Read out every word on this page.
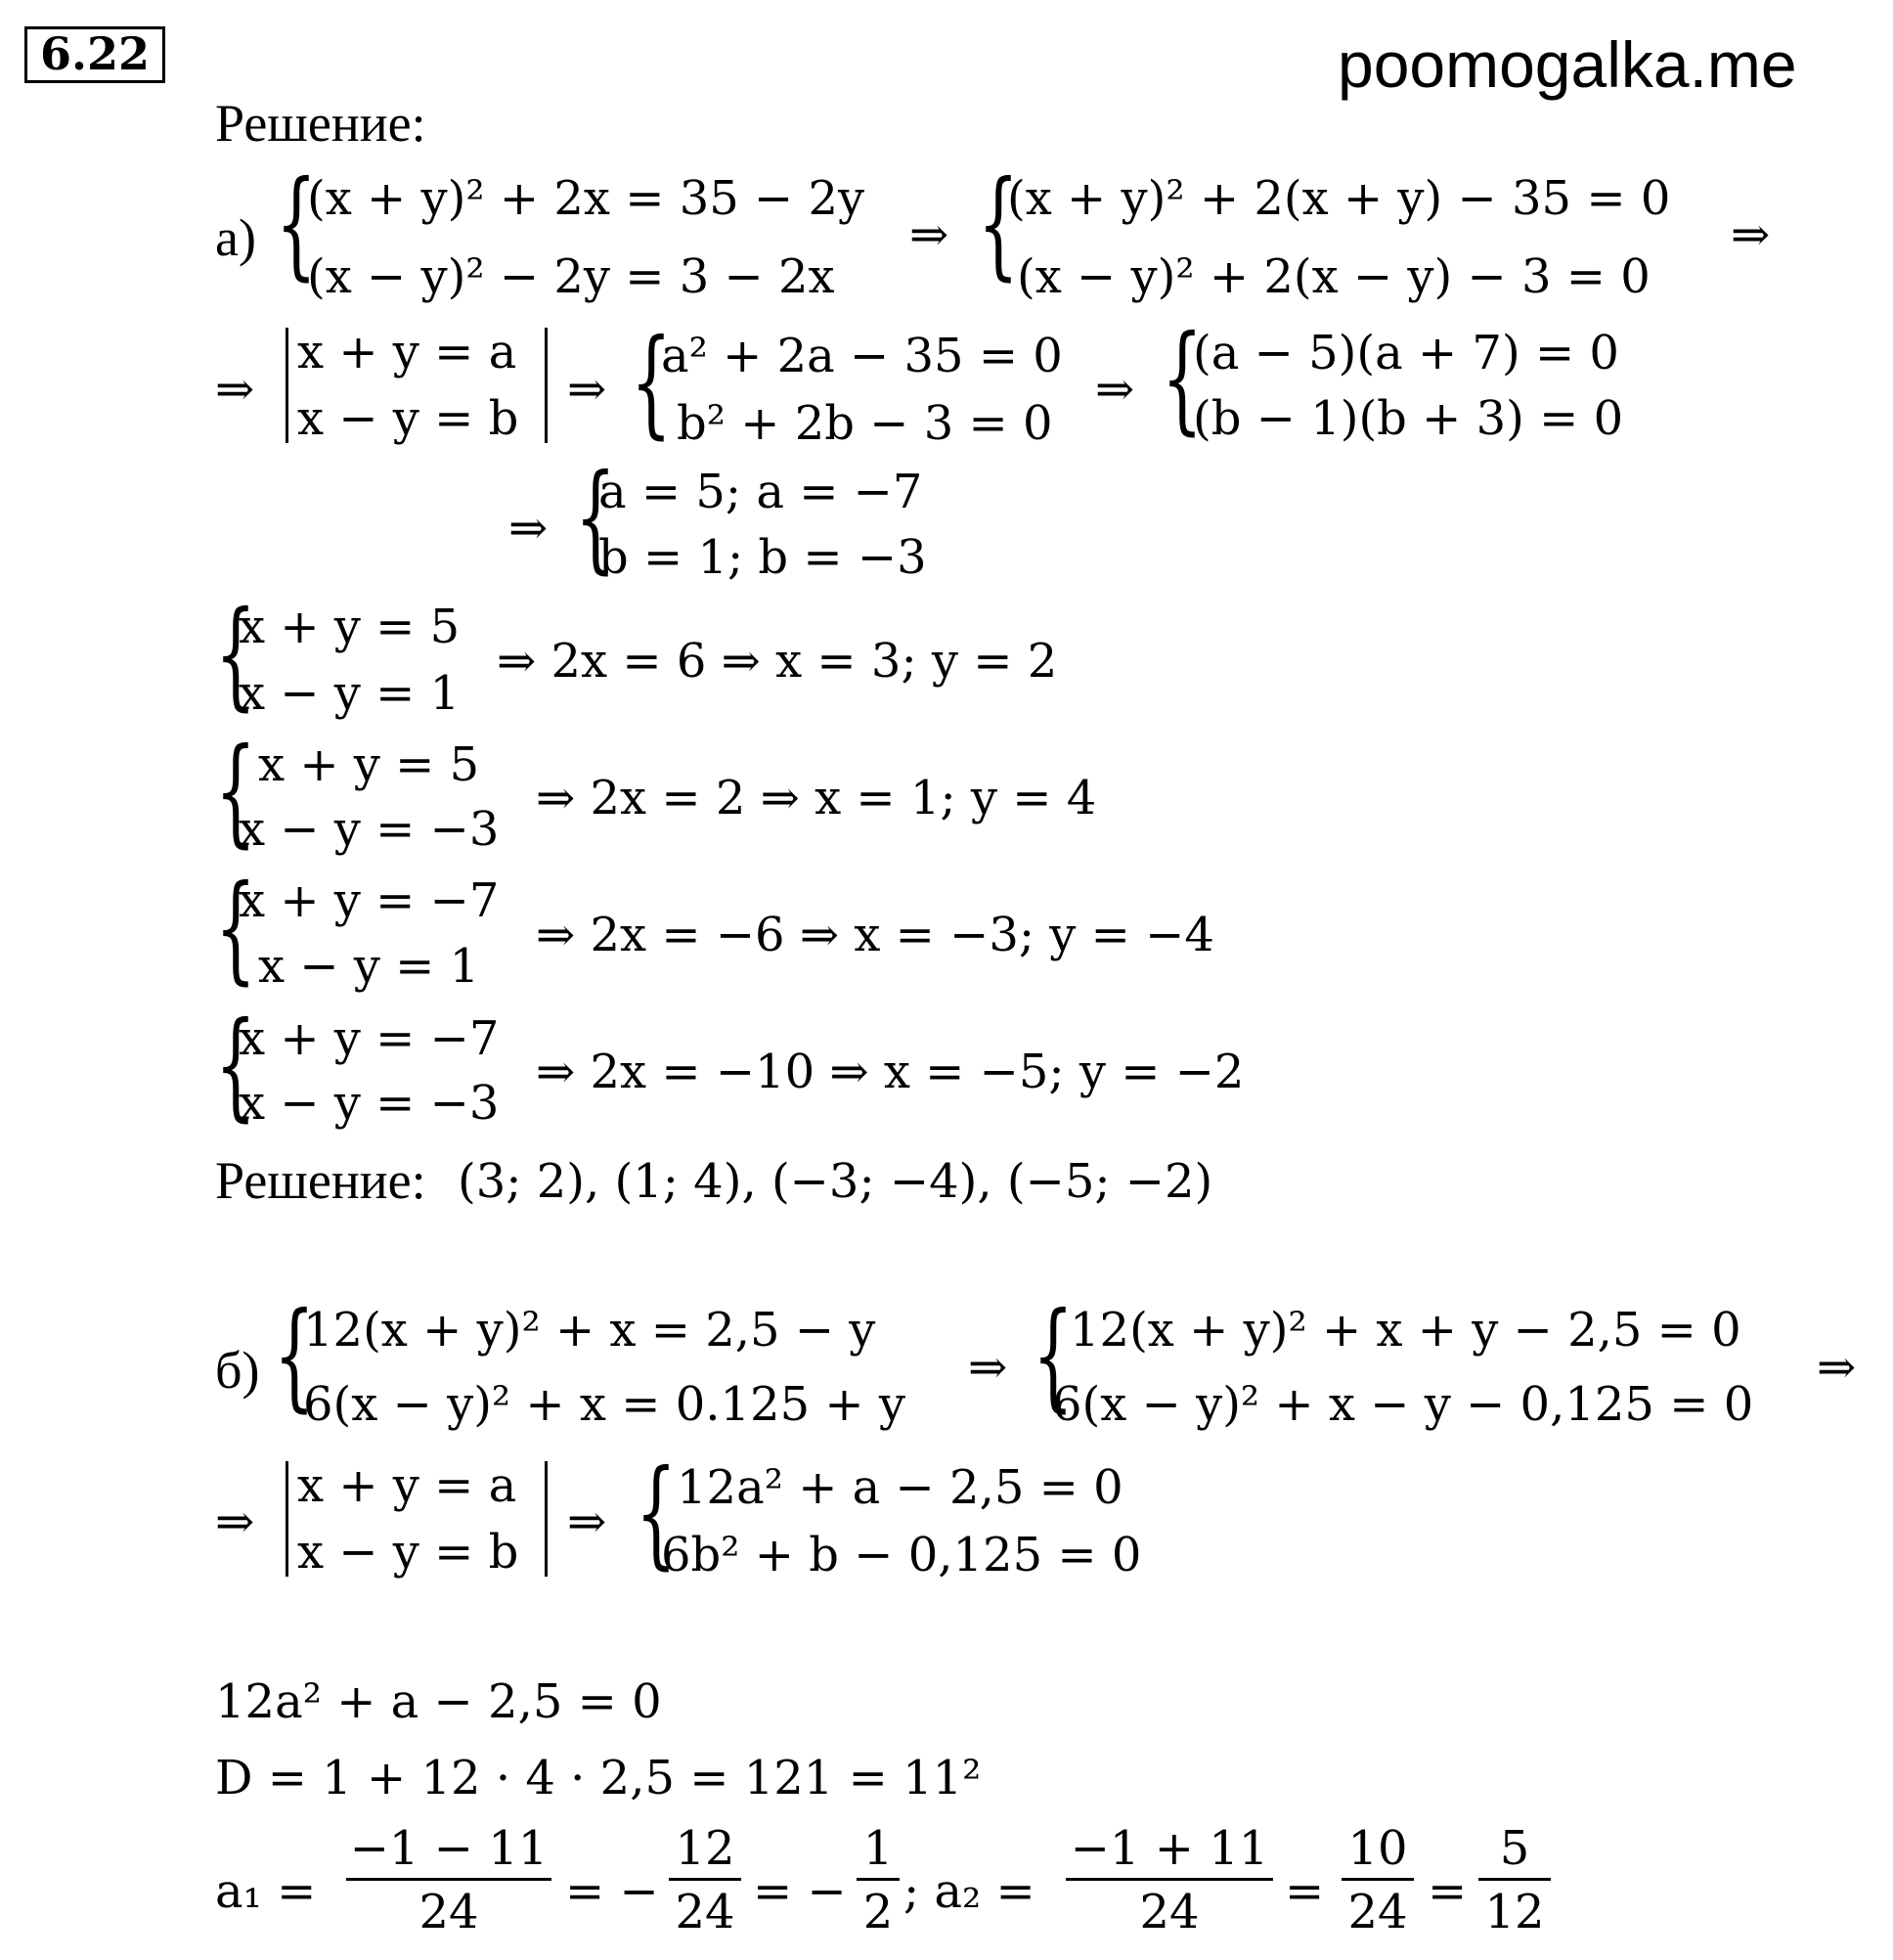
6.22	poomogalka.me
Решение:
а) {
(x + y)² + 2x = 35 − 2y
(x − y)² − 2y = 3 − 2x
⇒ {
(x + y)² + 2(x + y) − 35 = 0
(x − y)² + 2(x − y) − 3 = 0
⇒
⇒
x + y = a
x − y = b
⇒ {
a² + 2a − 35 = 0
b² + 2b − 3 = 0
⇒ {
(a − 5)(a + 7) = 0
(b − 1)(b + 3) = 0
⇒ {
a = 5; a = −7
b = 1; b = −3
{
x + y = 5
x − y = 1
⇒ 2x = 6 ⇒ x = 3; y = 2
{ x + y = 5
x − y = −3
⇒ 2x = 2 ⇒ x = 1; y = 4
{
x + y = −7
x − y = 1
⇒ 2x = −6 ⇒ x = −3; y = −4
{
x + y = −7
x − y = −3
⇒ 2x = −10 ⇒ x = −5; y = −2
Решение: (3; 2), (1; 4), (−3; −4), (−5; −2)
б) {
12(x + y)² + x = 2,5 − y
6(x − y)² + x = 0.125 + y
⇒ {
12(x + y)² + x + y − 2,5 = 0
6(x − y)² + x − y − 0,125 = 0
⇒
⇒
x + y = a
x − y = b
⇒ { 12a² + a − 2,5 = 0
6b² + b − 0,125 = 0
12a² + a − 2,5 = 0
D = 1 + 12 · 4 · 2,5 = 121 = 11²
a₁ =
−1 − 11
24	= −
12
24 = −
1
2 ; a₂ =
−1 + 11
24	=
10
24 =
5
12
